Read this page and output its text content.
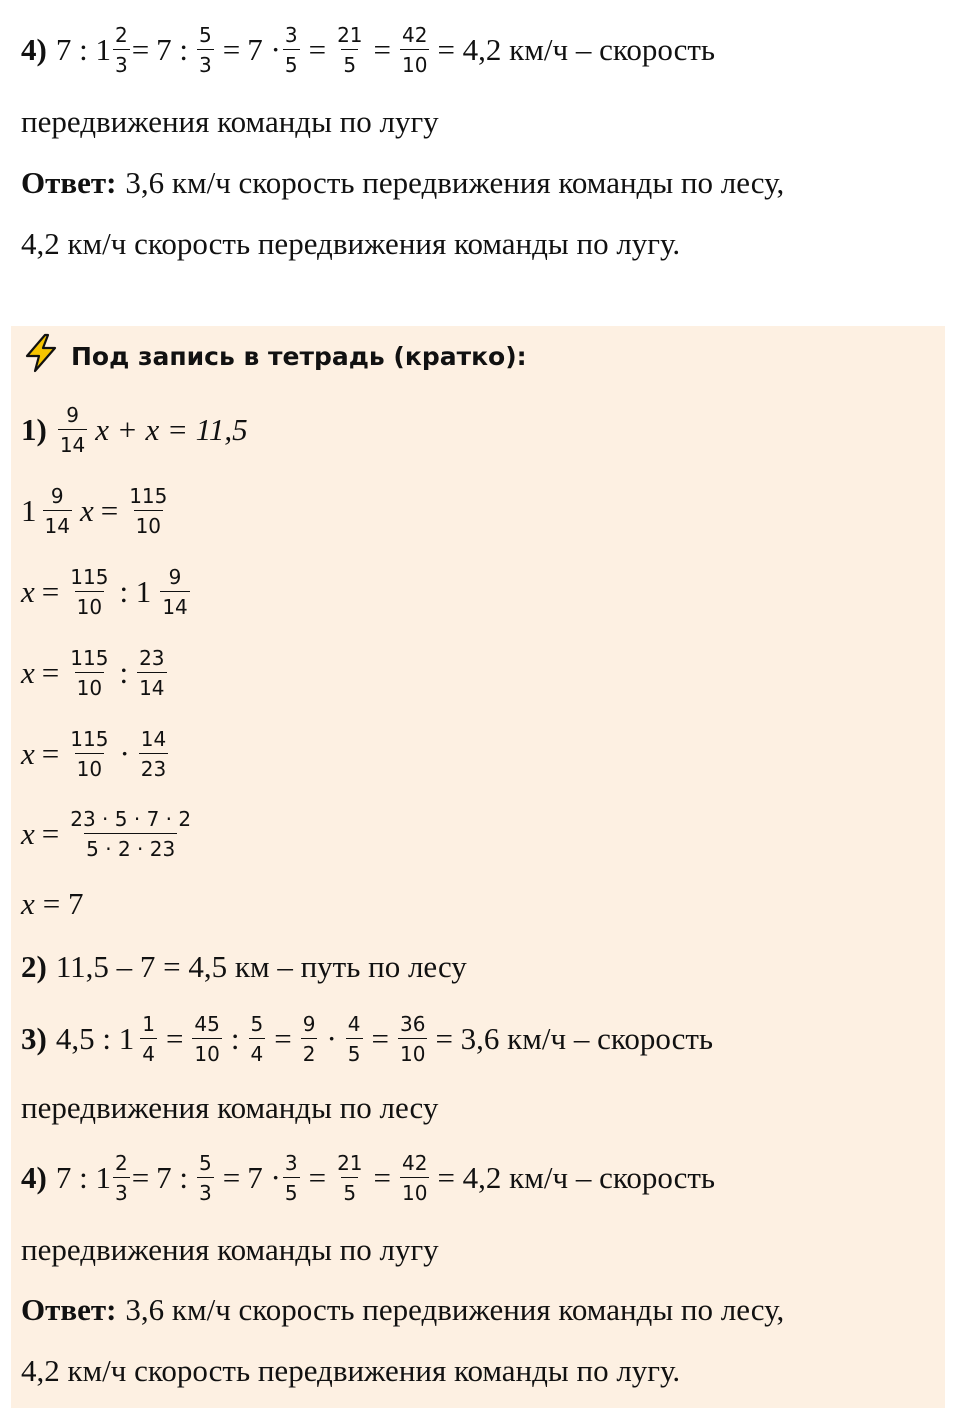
4) 7 : $1 \frac{2}{3} = 7$ : $\frac{5}{3} = 7 \cdot \frac{3}{5} = \frac{21}{5} = \frac{42}{10} = 4,2$ км/ч – скорость
передвижения команды по лугу
Ответ: 3,6 км/ч скорость передвижения команды по лесу,
4,2 км/ч скорость передвижения команды по лугу.
Под запись в тетрадь (кратко):
$1) \frac{9}{14}$ x + x = 11,5
$1 \frac{9}{14}$ $x = \frac{115}{10}$
$x = \frac{115}{10}$ : $1 \frac{9}{14}$
$x = \frac{115}{10}$ : $\frac{23}{14}$
$x = \frac{115}{10} \cdot \frac{14}{23}$
$x = \frac{23 \cdot 5 \cdot 7 \cdot 2}{5 \cdot 2 \cdot 23}$
x = 7
2) 11,5 – 7 = 4,5 км – путь по лесу
3) 4,5 : $1 \frac{1}{4} = \frac{45}{10}$ : $\frac{5}{4} = \frac{9}{2} \cdot \frac{4}{5} = \frac{36}{10} = 3,6$ км/ч – скорость
передвижения команды по лесу
4) 7 : $1 \frac{2}{3} = 7$ : $\frac{5}{3} = 7 \cdot \frac{3}{5} = \frac{21}{5} = \frac{42}{10} = 4,2$ км/ч – скорость
передвижения команды по лугу
Ответ: 3,6 км/ч скорость передвижения команды по лесу,
4,2 км/ч скорость передвижения команды по лугу.
